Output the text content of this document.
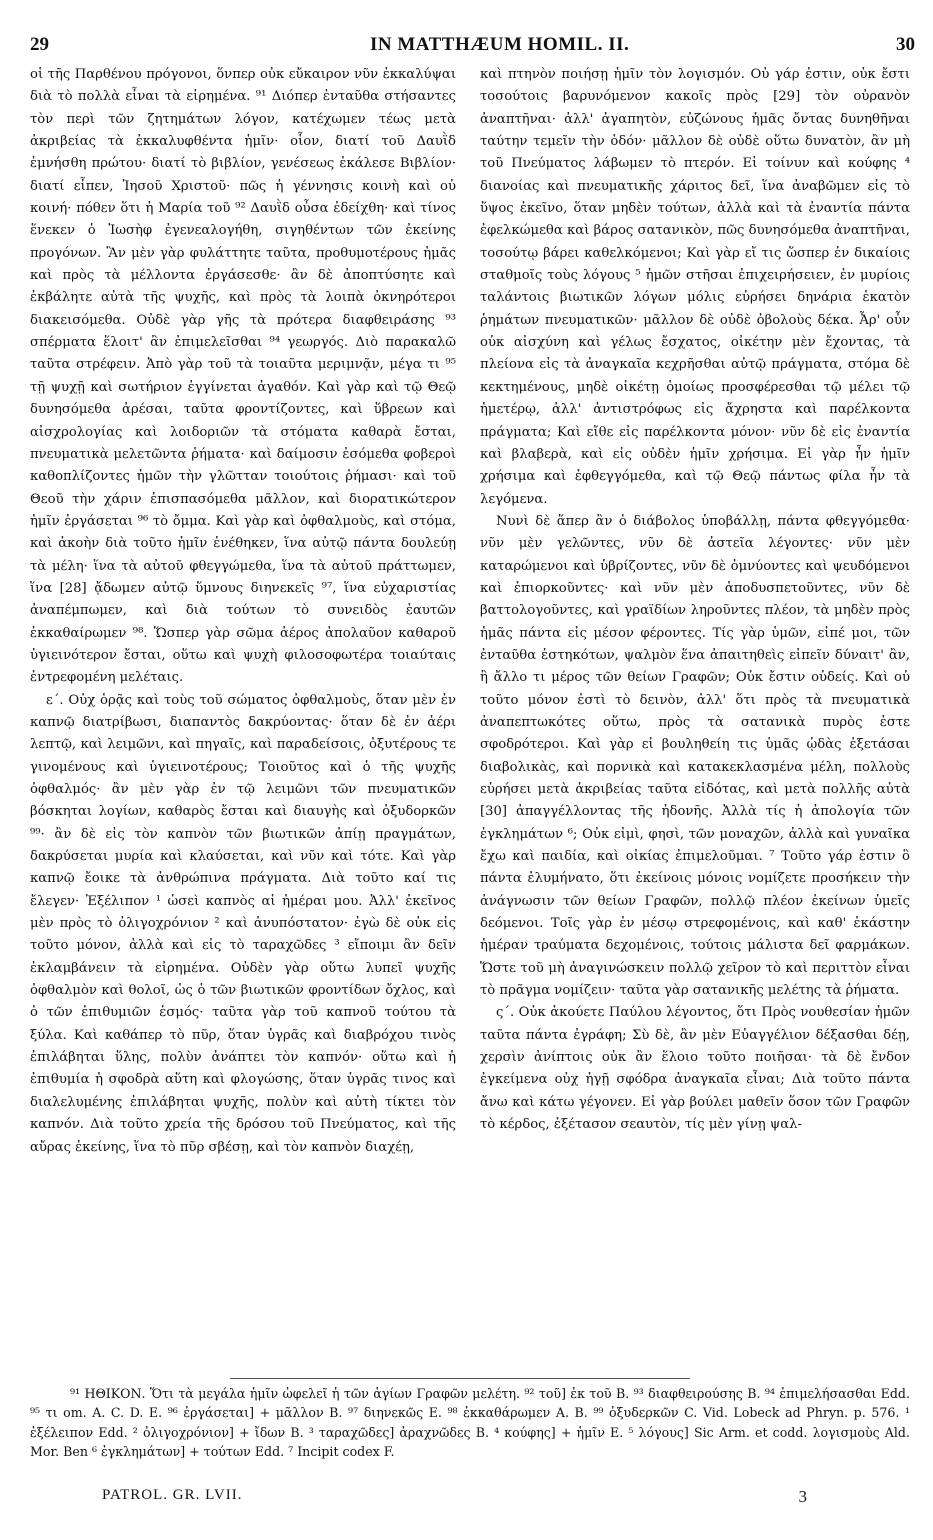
29	IN MATTHÆUM HOMIL. II.	30

οἱ τῆς Παρθένου πρόγονοι, ὅνπερ οὐκ εὔκαιρον νῦν ἐκκαλύψαι διὰ τὸ πολλὰ εἶναι τὰ εἰρημένα. ⁹¹ Διόπερ ἐνταῦθα στήσαντες τὸν περὶ τῶν ζητημάτων λόγον, κατέχωμεν τέως μετὰ ἀκριβείας τὰ ἐκκαλυφθέντα ἡμῖν· οἷον, διατί τοῦ Δαυῒδ ἐμνήσθη πρώτου· διατί τὸ βιβλίον, γενέσεως ἐκάλεσε Βιβλίον· διατί εἶπεν, Ἰησοῦ Χριστοῦ· πῶς ἡ γέννησις κοινὴ καὶ οὐ κοινή· πόθεν ὅτι ἡ Μαρία τοῦ ⁹² Δαυῒδ οὖσα ἐδείχθη· καὶ τίνος ἕνεκεν ὁ Ἰωσὴφ ἐγενεαλογήθη, σιγηθέντων τῶν ἐκείνης προγόνων. Ἂν μὲν γὰρ φυλάττητε ταῦτα, προθυμοτέρους ἡμᾶς καὶ πρὸς τὰ μέλλοντα ἐργάσεσθε· ἂν δὲ ἀποπτύσητε καὶ ἐκβάλητε αὐτὰ τῆς ψυχῆς, καὶ πρὸς τὰ λοιπὰ ὀκνηρότεροι διακεισόμεθα. Οὐδὲ γὰρ γῆς τὰ πρότερα διαφθειράσης ⁹³ σπέρματα ἕλοιτ' ἂν ἐπιμελεῖσθαι ⁹⁴ γεωργός. Διὸ παρακαλῶ ταῦτα στρέφειν. Ἀπὸ γὰρ τοῦ τὰ τοιαῦτα μεριμνᾷν, μέγα τι ⁹⁵ τῇ ψυχῇ καὶ σωτήριον ἐγγίνεται ἀγαθόν. Καὶ γὰρ καὶ τῷ Θεῷ δυνησόμεθα ἀρέσαι, ταῦτα φροντίζοντες, καὶ ὕβρεων καὶ αἰσχρολογίας καὶ λοιδοριῶν τὰ στόματα καθαρὰ ἔσται, πνευματικὰ μελετῶντα ῥήματα· καὶ δαίμοσιν ἐσόμεθα φοβεροὶ καθοπλίζοντες ἡμῶν τὴν γλῶτταν τοιούτοις ῥήμασι· καὶ τοῦ Θεοῦ τὴν χάριν ἐπισπασόμεθα μᾶλλον, καὶ διορατικώτερον ἡμῖν ἐργάσεται ⁹⁶ τὸ ὄμμα. Καὶ γὰρ καὶ ὀφθαλμοὺς, καὶ στόμα, καὶ ἀκοὴν διὰ τοῦτο ἡμῖν ἐνέθηκεν, ἵνα αὐτῷ πάντα δουλεύῃ τὰ μέλη· ἵνα τὰ αὐτοῦ φθεγγώμεθα, ἵνα τὰ αὐτοῦ πράττωμεν, ἵνα [28] ᾄδωμεν αὐτῷ ὕμνους διηνεκεῖς ⁹⁷, ἵνα εὐχαριστίας ἀναπέμπωμεν, καὶ διὰ τούτων τὸ συνειδὸς ἑαυτῶν ἐκκαθαίρωμεν ⁹⁸. Ὥσπερ γὰρ σῶμα ἀέρος ἀπολαῦον καθαροῦ ὑγιεινότερον ἔσται, οὕτω καὶ ψυχὴ φιλοσοφωτέρα τοιαύταις ἐντρεφομένη μελέταις.

ε΄. Οὐχ ὁρᾷς καὶ τοὺς τοῦ σώματος ὀφθαλμοὺς, ὅταν μὲν ἐν καπνῷ διατρίβωσι, διαπαντὸς δακρύοντας· ὅταν δὲ ἐν ἀέρι λεπτῷ, καὶ λειμῶνι, καὶ πηγαῖς, καὶ παραδείσοις, ὀξυτέρους τε γινομένους καὶ ὑγιεινοτέρους; Τοιοῦτος καὶ ὁ τῆς ψυχῆς ὀφθαλμός· ἂν μὲν γὰρ ἐν τῷ λειμῶνι τῶν πνευματικῶν βόσκηται λογίων, καθαρὸς ἔσται καὶ διαυγὴς καὶ ὀξυδορκῶν ⁹⁹· ἂν δὲ εἰς τὸν καπνὸν τῶν βιωτικῶν ἀπίῃ πραγμάτων, δακρύσεται μυρία καὶ κλαύσεται, καὶ νῦν καὶ τότε. Καὶ γὰρ καπνῷ ἔοικε τὰ ἀνθρώπινα πράγματα. Διὰ τοῦτο καί τις ἔλεγεν· Ἐξέλιπον ¹ ὡσεὶ καπνὸς αἱ ἡμέραι μου. Ἀλλ' ἐκεῖνος μὲν πρὸς τὸ ὀλιγοχρόνιον ² καὶ ἀνυπόστατον· ἐγὼ δὲ οὐκ εἰς τοῦτο μόνον, ἀλλὰ καὶ εἰς τὸ ταραχῶδες ³ εἴποιμι ἂν δεῖν ἐκλαμβάνειν τὰ εἰρημένα. Οὐδὲν γὰρ οὕτω λυπεῖ ψυχῆς ὀφθαλμὸν καὶ θολοῖ, ὡς ὁ τῶν βιωτικῶν φροντίδων ὄχλος, καὶ ὁ τῶν ἐπιθυμιῶν ἑσμός· ταῦτα γὰρ τοῦ καπνοῦ τούτου τὰ ξύλα. Καὶ καθάπερ τὸ πῦρ, ὅταν ὑγρᾶς καὶ διαβρόχου τινὸς ἐπιλάβηται ὕλης, πολὺν ἀνάπτει τὸν καπνόν· οὕτω καὶ ἡ ἐπιθυμία ἡ σφοδρὰ αὕτη καὶ φλογώσης, ὅταν ὑγρᾶς τινος καὶ διαλελυμένης ἐπιλάβηται ψυχῆς, πολὺν καὶ αὐτὴ τίκτει τὸν καπνόν. Διὰ τοῦτο χρεία τῆς δρόσου τοῦ Πνεύματος, καὶ τῆς αὔρας ἐκείνης, ἵνα τὸ πῦρ σβέσῃ, καὶ τὸν καπνὸν διαχέῃ,

καὶ πτηνὸν ποιήσῃ ἡμῖν τὸν λογισμόν. Οὐ γάρ ἐστιν, οὐκ ἔστι τοσούτοις βαρυνόμενον κακοῖς πρὸς [29] τὸν οὐρανὸν ἀναπτῆναι· ἀλλ' ἀγαπητὸν, εὐζώνους ἡμᾶς ὄντας δυνηθῆναι ταύτην τεμεῖν τὴν ὁδόν· μᾶλλον δὲ οὐδὲ οὕτω δυνατὸν, ἂν μὴ τοῦ Πνεύματος λάβωμεν τὸ πτερόν. Εἰ τοίνυν καὶ κούφης ⁴ διανοίας καὶ πνευματικῆς χάριτος δεῖ, ἵνα ἀναβῶμεν εἰς τὸ ὕψος ἐκεῖνο, ὅταν μηδὲν τούτων, ἀλλὰ καὶ τὰ ἐναντία πάντα ἐφελκώμεθα καὶ βάρος σατανικὸν, πῶς δυνησόμεθα ἀναπτῆναι, τοσούτῳ βάρει καθελκόμενοι; Καὶ γὰρ εἴ τις ὥσπερ ἐν δικαίοις σταθμοῖς τοὺς λόγους ⁵ ἡμῶν στῆσαι ἐπιχειρήσειεν, ἐν μυρίοις ταλάντοις βιωτικῶν λόγων μόλις εὑρήσει δηνάρια ἑκατὸν ῥημάτων πνευματικῶν· μᾶλλον δὲ οὐδὲ ὀβολοὺς δέκα. Ἆρ' οὖν οὐκ αἰσχύνη καὶ γέλως ἔσχατος, οἰκέτην μὲν ἔχοντας, τὰ πλείονα εἰς τὰ ἀναγκαῖα κεχρῆσθαι αὐτῷ πράγματα, στόμα δὲ κεκτημένους, μηδὲ οἰκέτῃ ὁμοίως προσφέρεσθαι τῷ μέλει τῷ ἡμετέρῳ, ἀλλ' ἀντιστρόφως εἰς ἄχρηστα καὶ παρέλκοντα πράγματα; Καὶ εἴθε εἰς παρέλκοντα μόνον· νῦν δὲ εἰς ἐναντία καὶ βλαβερὰ, καὶ εἰς οὐδὲν ἡμῖν χρήσιμα. Εἰ γὰρ ἦν ἡμῖν χρήσιμα καὶ ἐφθεγγόμεθα, καὶ τῷ Θεῷ πάντως φίλα ἦν τὰ λεγόμενα.

Νυνὶ δὲ ἅπερ ἂν ὁ διάβολος ὑποβάλλῃ, πάντα φθεγγόμεθα· νῦν μὲν γελῶντες, νῦν δὲ ἀστεῖα λέγοντες· νῦν μὲν καταρώμενοι καὶ ὑβρίζοντες, νῦν δὲ ὀμνύοντες καὶ ψευδόμενοι καὶ ἐπιορκοῦντες· καὶ νῦν μὲν ἀποδυσπετοῦντες, νῦν δὲ βαττολογοῦντες, καὶ γραϊδίων ληροῦντες πλέον, τὰ μηδὲν πρὸς ἡμᾶς πάντα εἰς μέσον φέροντες. Τίς γὰρ ὑμῶν, εἰπέ μοι, τῶν ἐνταῦθα ἑστηκότων, ψαλμὸν ἕνα ἀπαιτηθεὶς εἰπεῖν δύναιτ' ἂν, ἢ ἄλλο τι μέρος τῶν θείων Γραφῶν; Οὐκ ἔστιν οὐδείς. Καὶ οὐ τοῦτο μόνον ἐστὶ τὸ δεινὸν, ἀλλ' ὅτι πρὸς τὰ πνευματικὰ ἀναπεπτωκότες οὕτω, πρὸς τὰ σατανικὰ πυρὸς ἐστε σφοδρότεροι. Καὶ γὰρ εἰ βουληθείη τις ὑμᾶς ᾠδὰς ἐξετάσαι διαβολικὰς, καὶ πορνικὰ καὶ κατακεκλασμένα μέλη, πολλοὺς εὑρήσει μετὰ ἀκριβείας ταῦτα εἰδότας, καὶ μετὰ πολλῆς αὐτὰ [30] ἀπαγγέλλοντας τῆς ἡδονῆς. Ἀλλὰ τίς ἡ ἀπολογία τῶν ἐγκλημάτων ⁶; Οὐκ εἰμὶ, φησὶ, τῶν μοναχῶν, ἀλλὰ καὶ γυναῖκα ἔχω καὶ παιδία, καὶ οἰκίας ἐπιμελοῦμαι. ⁷ Τοῦτο γάρ ἐστιν ὃ πάντα ἐλυμήνατο, ὅτι ἐκείνοις μόνοις νομίζετε προσήκειν τὴν ἀνάγνωσιν τῶν θείων Γραφῶν, πολλῷ πλέον ἐκείνων ὑμεῖς δεόμενοι. Τοῖς γὰρ ἐν μέσῳ στρεφομένοις, καὶ καθ' ἑκάστην ἡμέραν τραύματα δεχομένοις, τούτοις μάλιστα δεῖ φαρμάκων. Ὥστε τοῦ μὴ ἀναγινώσκειν πολλῷ χεῖρον τὸ καὶ περιττὸν εἶναι τὸ πρᾶγμα νομίζειν· ταῦτα γὰρ σατανικῆς μελέτης τὰ ῥήματα.

ς΄. Οὐκ ἀκούετε Παύλου λέγοντος, ὅτι Πρὸς νουθεσίαν ἡμῶν ταῦτα πάντα ἐγράφη; Σὺ δὲ, ἂν μὲν Εὐαγγέλιον δέξασθαι δέῃ, χερσὶν ἀνίπτοις οὐκ ἂν ἕλοιο τοῦτο ποιῆσαι· τὰ δὲ ἔνδον ἐγκείμενα οὐχ ἡγῇ σφόδρα ἀναγκαῖα εἶναι; Διὰ τοῦτο πάντα ἄνω καὶ κάτω γέγονεν. Εἰ γὰρ βούλει μαθεῖν ὅσον τῶν Γραφῶν τὸ κέρδος, ἐξέτασον σεαυτὸν, τίς μὲν γίνῃ ψαλ-

⁹¹ ΗΘΙΚΟΝ. Ὅτι τὰ μεγάλα ἡμῖν ὠφελεῖ ἡ τῶν ἁγίων Γραφῶν μελέτη. ⁹² τοῦ] ἐκ τοῦ B. ⁹³ διαφθειρούσης B. ⁹⁴ ἐπιμελήσασθαι Edd. ⁹⁵ τι om. A. C. D. E. ⁹⁶ ἐργάσεται] + μᾶλλον B. ⁹⁷ διηνεκῶς E. ⁹⁸ ἐκκαθάρωμεν A. B. ⁹⁹ ὀξυδερκῶν C. Vid. Lobeck ad Phryn. p. 576. ¹ ἐξέλειπον Edd. ² ὀλιγοχρόνιον] + ἴδων B. ³ ταραχῶδες] ἀραχνῶδες B. ⁴ κούφης] + ἡμῖν E. ⁵ λόγους] Sic Arm. et codd. λογισμοὺς Ald. Mor. Ben ⁶ ἐγκλημάτων] + τούτων Edd. ⁷ Incipit codex F.

PATROL. GR. LVII.	3
